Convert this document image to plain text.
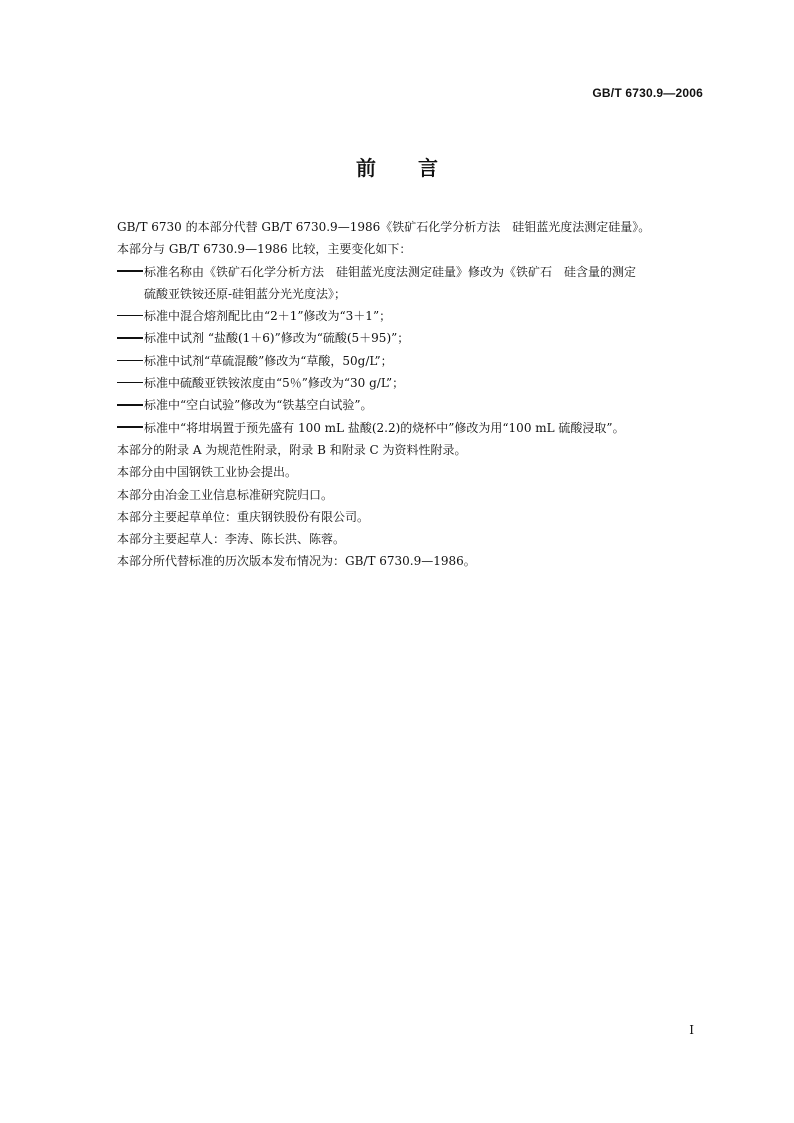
GB/T 6730.9—2006
前言
GB/T 6730 的本部分代替 GB/T 6730.9—1986《铁矿石化学分析方法　硅钼蓝光度法测定硅量》。
本部分与 GB/T 6730.9—1986 比较，主要变化如下：
标准名称由《铁矿石化学分析方法　硅钼蓝光度法测定硅量》修改为《铁矿石　硅含量的测定
硫酸亚铁铵还原-硅钼蓝分光光度法》；
标准中混合熔剂配比由“2＋1”修改为“3＋1”；
标准中试剂 “盐酸(1＋6)”修改为“硫酸(5＋95)”；
标准中试剂“草硫混酸”修改为“草酸，50g/L”；
标准中硫酸亚铁铵浓度由“5％”修改为“30 g/L”；
标准中“空白试验”修改为“铁基空白试验”。
标准中“将坩埚置于预先盛有 100 mL 盐酸(2.2)的烧杯中”修改为用“100 mL 硫酸浸取”。
本部分的附录 A 为规范性附录，附录 B 和附录 C 为资料性附录。
本部分由中国钢铁工业协会提出。
本部分由冶金工业信息标准研究院归口。
本部分主要起草单位：重庆钢铁股份有限公司。
本部分主要起草人：李涛、陈长洪、陈蓉。
本部分所代替标准的历次版本发布情况为：GB/T 6730.9—1986。
I
